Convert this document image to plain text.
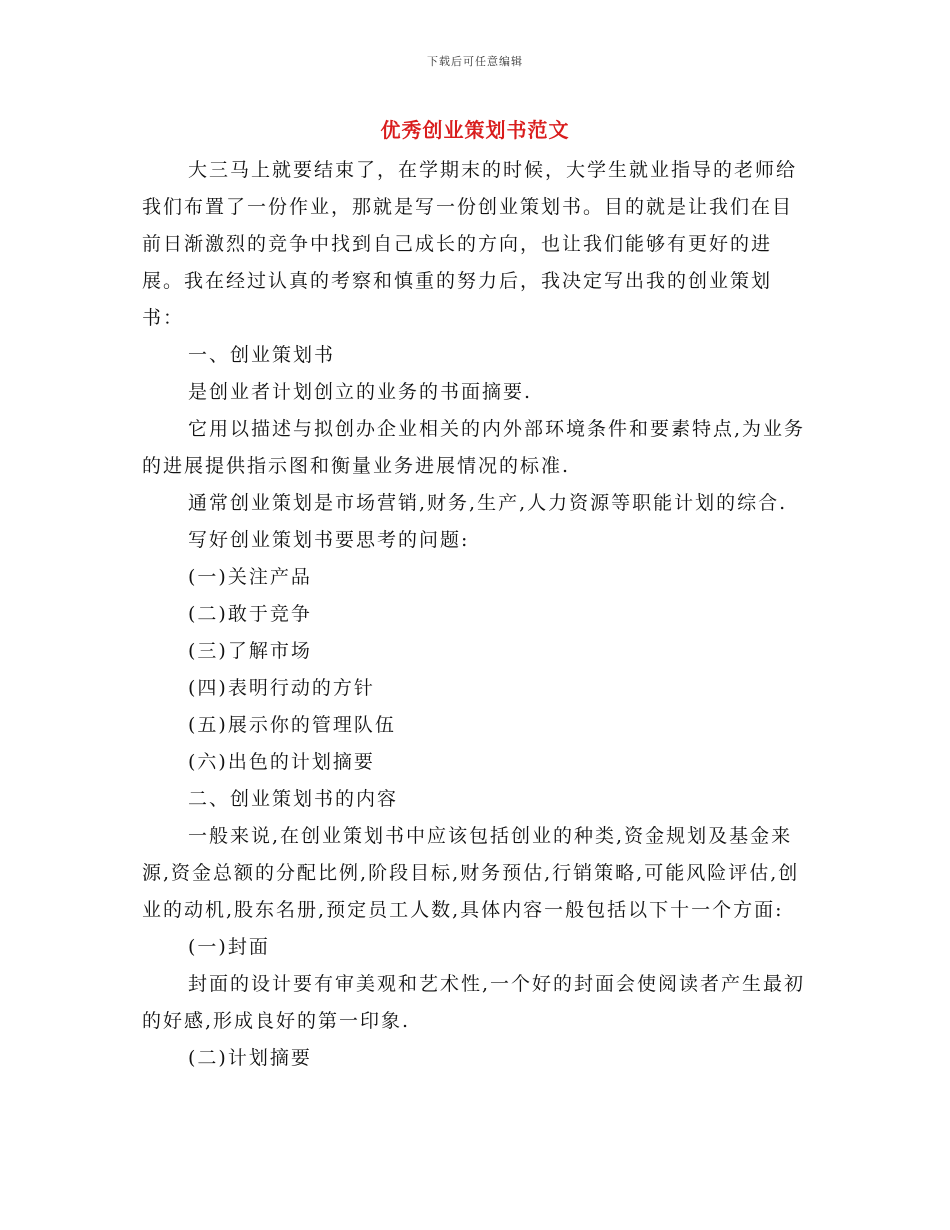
下载后可任意编辑
优秀创业策划书范文

大三马上就要结束了，在学期末的时候，大学生就业指导的老师给我们布置了一份作业，那就是写一份创业策划书。目的就是让我们在目前日渐激烈的竞争中找到自己成长的方向，也让我们能够有更好的进展。我在经过认真的考察和慎重的努力后，我决定写出我的创业策划书：

一、创业策划书

是创业者计划创立的业务的书面摘要.

它用以描述与拟创办企业相关的内外部环境条件和要素特点,为业务的进展提供指示图和衡量业务进展情况的标准.

通常创业策划是市场营销,财务,生产,人力资源等职能计划的综合.

写好创业策划书要思考的问题:

(一)关注产品

(二)敢于竞争

(三)了解市场

(四)表明行动的方针

(五)展示你的管理队伍

(六)出色的计划摘要

二、创业策划书的内容

一般来说,在创业策划书中应该包括创业的种类,资金规划及基金来源,资金总额的分配比例,阶段目标,财务预估,行销策略,可能风险评估,创业的动机,股东名册,预定员工人数,具体内容一般包括以下十一个方面:

(一)封面

封面的设计要有审美观和艺术性,一个好的封面会使阅读者产生最初的好感,形成良好的第一印象.

(二)计划摘要
